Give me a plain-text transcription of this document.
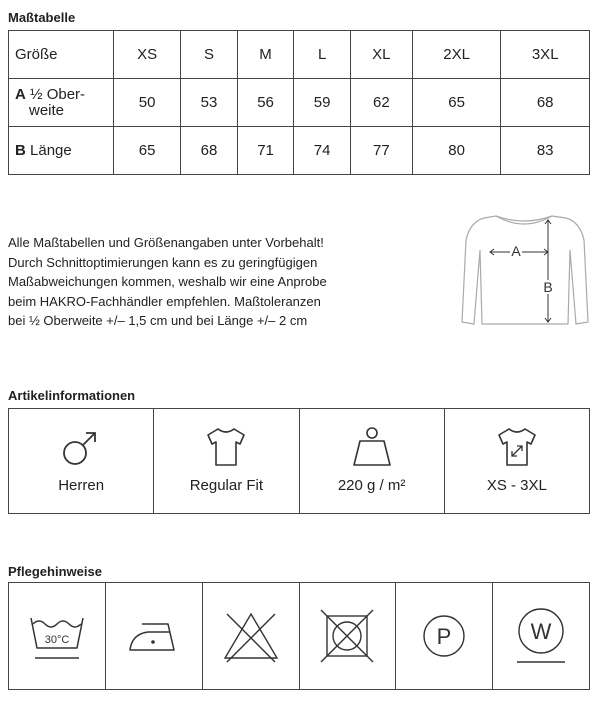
Maßtabelle
Größe	XS	S	M	L	XL	2XL	3XL

A ½ Ober-
weite	50	53	56	59	62	65	68
B Länge	65	68	71	74	77	80	83
Alle Maßtabellen und Größenangaben unter Vorbehalt!
Durch Schnittoptimierungen kann es zu geringfügigen
Maßabweichungen kommen, weshalb wir eine Anprobe
beim HAKRO-Fachhändler empfehlen. Maßtoleranzen
bei ½ Oberweite +/– 1,5 cm und bei Länge +/– 2 cm
A
B
Artikelinformationen
Herren	Regular Fit	220 g / m²	XS - 3XL
Pflegehinweise
30°C				P	W
